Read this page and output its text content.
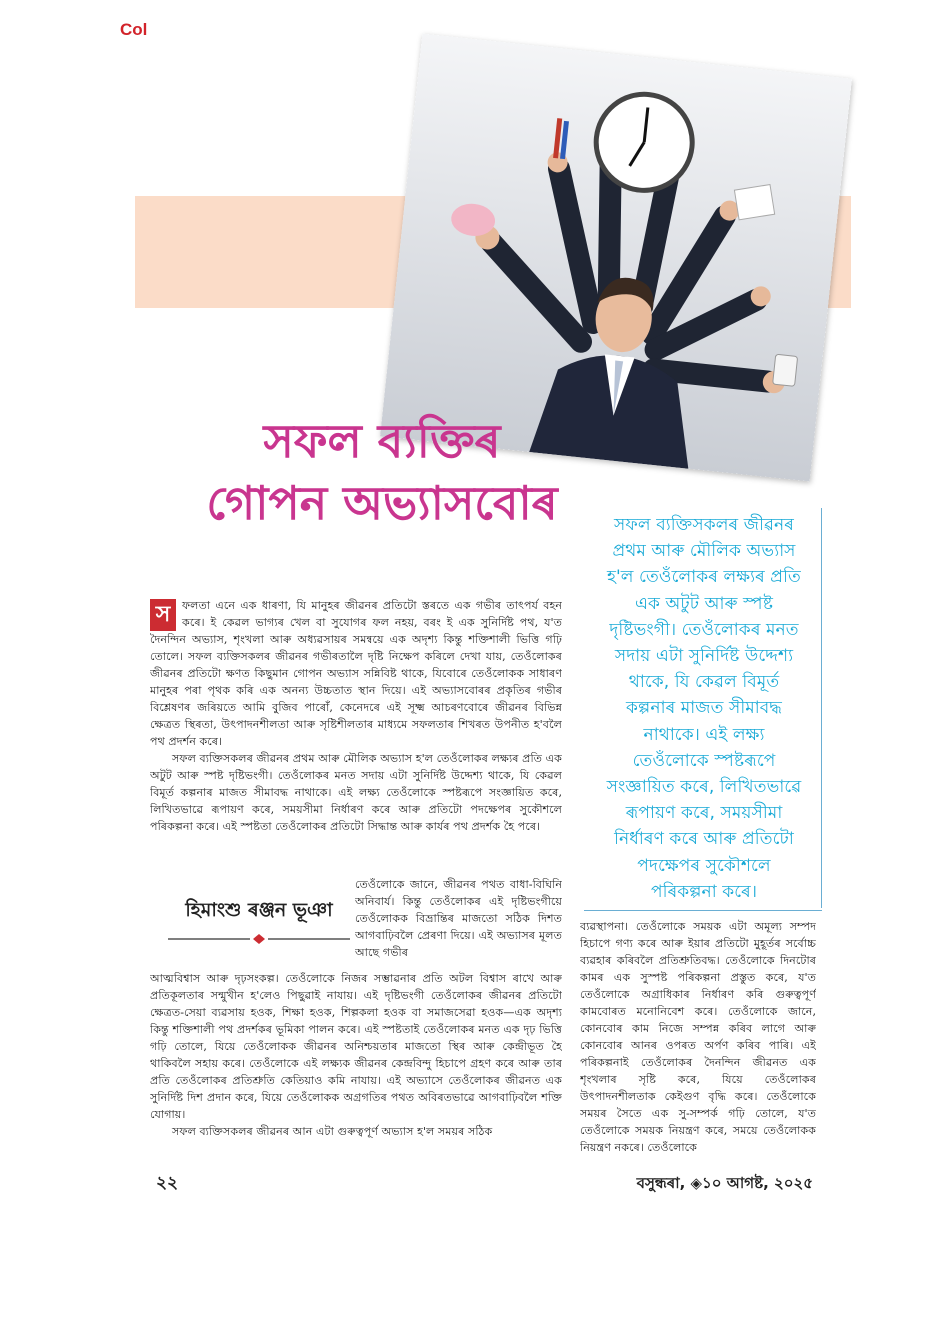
Col
সফল ব্যক্তিৰ
গোপন অভ্যাসবোৰ	সফল ব্যক্তিসকলৰ জীৱনৰ
প্ৰথম আৰু মৌলিক অভ্যাস
হ'ল তেওঁলোকৰ লক্ষ্যৰ প্ৰতি
এক অটুট আৰু স্পষ্ট
দৃষ্টিভংগী। তেওঁলোকৰ মনত
সদায় এটা সুনিৰ্দিষ্ট উদ্দেশ্য
থাকে, যি কেৱল বিমূৰ্ত
কল্পনাৰ মাজত সীমাবদ্ধ
নাথাকে। এই লক্ষ্য
তেওঁলোকে স্পষ্টৰূপে
সংজ্ঞায়িত কৰে, লিখিতভাৱে
ৰূপায়ণ কৰে, সময়সীমা
নিৰ্ধাৰণ কৰে আৰু প্ৰতিটো
পদক্ষেপৰ সুকৌশলে
পৰিকল্পনা কৰে।
স	ফলতা এনে এক ধাৰণা, যি মানুহৰ জীৱনৰ প্ৰতিটো স্তৰতে এক গভীৰ তাৎপৰ্য বহন কৰে। ই কেৱল ভাগ্যৰ খেল বা সুযোগৰ ফল নহয়, বৰং ই এক সুনিৰ্দিষ্ট পথ, য'ত দৈনন্দিন অভ্যাস, শৃংখলা আৰু অধ্যৱসায়ৰ সমন্বয়ে এক অদৃশ্য কিন্তু শক্তিশালী ভিত্তি গঢ়ি তোলে। সফল ব্যক্তিসকলৰ জীৱনৰ গভীৰতালৈ দৃষ্টি নিক্ষেপ কৰিলে দেখা যায়, তেওঁলোকৰ জীৱনৰ প্ৰতিটো ক্ষণত কিছুমান গোপন অভ্যাস সন্নিবিষ্ট থাকে, যিবোৰে তেওঁলোকক সাধাৰণ মানুহৰ পৰা পৃথক কৰি এক অনন্য উচ্চতাত স্থান দিয়ে। এই অভ্যাসবোৰৰ প্ৰকৃতিৰ গভীৰ বিশ্লেষণৰ জৰিয়তে আমি বুজিব পাৰোঁ, কেনেদৰে এই সূক্ষ্ম আচৰণবোৰে জীৱনৰ বিভিন্ন ক্ষেত্ৰত স্থিৰতা, উৎপাদনশীলতা আৰু সৃষ্টিশীলতাৰ মাধ্যমে সফলতাৰ শিখৰত উপনীত হ'বলৈ পথ প্ৰদৰ্শন কৰে।

সফল ব্যক্তিসকলৰ জীৱনৰ প্ৰথম আৰু মৌলিক অভ্যাস হ'ল তেওঁলোকৰ লক্ষ্যৰ প্ৰতি এক অটুট আৰু স্পষ্ট দৃষ্টিভংগী। তেওঁলোকৰ মনত সদায় এটা সুনিৰ্দিষ্ট উদ্দেশ্য থাকে, যি কেৱল বিমূৰ্ত কল্পনাৰ মাজত সীমাবদ্ধ নাথাকে। এই লক্ষ্য তেওঁলোকে স্পষ্টৰূপে সংজ্ঞায়িত কৰে, লিখিতভাৱে ৰূপায়ণ কৰে, সময়সীমা নিৰ্ধাৰণ কৰে আৰু প্ৰতিটো পদক্ষেপৰ সুকৌশলে পৰিকল্পনা কৰে। এই স্পষ্টতা তেওঁলোকৰ প্ৰতিটো সিদ্ধান্ত আৰু কাৰ্যৰ পথ প্ৰদৰ্শক হৈ পৰে।

হিমাংশু ৰঞ্জন ভূঞা

তেওঁলোকে জানে, জীৱনৰ পথত বাধা-বিঘিনি অনিবাৰ্য। কিন্তু তেওঁলোকৰ এই দৃষ্টিভংগীয়ে তেওঁলোকক বিভ্ৰান্তিৰ মাজতো সঠিক দিশত আগবাঢ়িবলৈ প্ৰেৰণা দিয়ে। এই অভ্যাসৰ মূলত আছে গভীৰ

আত্মবিশ্বাস আৰু দৃঢ়সংকল্প। তেওঁলোকে নিজৰ সম্ভাৱনাৰ প্ৰতি অটল বিশ্বাস ৰাখে আৰু প্ৰতিকূলতাৰ সন্মুখীন হ'লেও পিছুৱাই নাযায়। এই দৃষ্টিভংগী তেওঁলোকৰ জীৱনৰ প্ৰতিটো ক্ষেত্ৰত-সেয়া ব্যৱসায় হওক, শিক্ষা হওক, শিল্পকলা হওক বা সমাজসেৱা হওক—এক অদৃশ্য কিন্তু শক্তিশালী পথ প্ৰদৰ্শকৰ ভূমিকা পালন কৰে। এই স্পষ্টতাই তেওঁলোকৰ মনত এক দৃঢ় ভিত্তি গঢ়ি তোলে, যিয়ে তেওঁলোকক জীৱনৰ অনিশ্চয়তাৰ মাজতো স্থিৰ আৰু কেন্দ্ৰীভূত হৈ থাকিবলৈ সহায় কৰে। তেওঁলোকে এই লক্ষ্যক জীৱনৰ কেন্দ্ৰবিন্দু হিচাপে গ্ৰহণ কৰে আৰু তাৰ প্ৰতি তেওঁলোকৰ প্ৰতিশ্ৰুতি কেতিয়াও কমি নাযায়। এই অভ্যাসে তেওঁলোকৰ জীৱনত এক সুনিৰ্দিষ্ট দিশ প্ৰদান কৰে, যিয়ে তেওঁলোকক অগ্ৰগতিৰ পথত অবিৰতভাৱে আগবাঢ়িবলৈ শক্তি যোগায়।

সফল ব্যক্তিসকলৰ জীৱনৰ আন এটা গুৰুত্বপূৰ্ণ অভ্যাস হ'ল সময়ৰ সঠিক

ব্যৱস্থাপনা। তেওঁলোকে সময়ক এটা অমূল্য সম্পদ হিচাপে গণ্য কৰে আৰু ইয়াৰ প্ৰতিটো মুহূৰ্তৰ সৰ্বোচ্চ ব্যৱহাৰ কৰিবলৈ প্ৰতিশ্ৰুতিবদ্ধ। তেওঁলোকে দিনটোৰ কামৰ এক সুস্পষ্ট পৰিকল্পনা প্ৰস্তুত কৰে, য'ত তেওঁলোকে অগ্ৰাধিকাৰ নিৰ্ধাৰণ কৰি গুৰুত্বপূৰ্ণ কামবোৰত মনোনিবেশ কৰে। তেওঁলোকে জানে, কোনবোৰ কাম নিজে সম্পন্ন কৰিব লাগে আৰু কোনবোৰ আনৰ ওপৰত অৰ্পণ কৰিব পাৰি। এই পৰিকল্পনাই তেওঁলোকৰ দৈনন্দিন জীৱনত এক শৃংখলাৰ সৃষ্টি কৰে, যিয়ে তেওঁলোকৰ উৎপাদনশীলতাক কেইগুণ বৃদ্ধি কৰে। তেওঁলোকে সময়ৰ সৈতে এক সু-সম্পৰ্ক গঢ়ি তোলে, য'ত তেওঁলোকে সময়ক নিয়ন্ত্ৰণ কৰে, সময়ে তেওঁলোকক নিয়ন্ত্ৰণ নকৰে। তেওঁলোকে

২২	বসুন্ধৰা, ◈১০ আগষ্ট, ২০২৫
